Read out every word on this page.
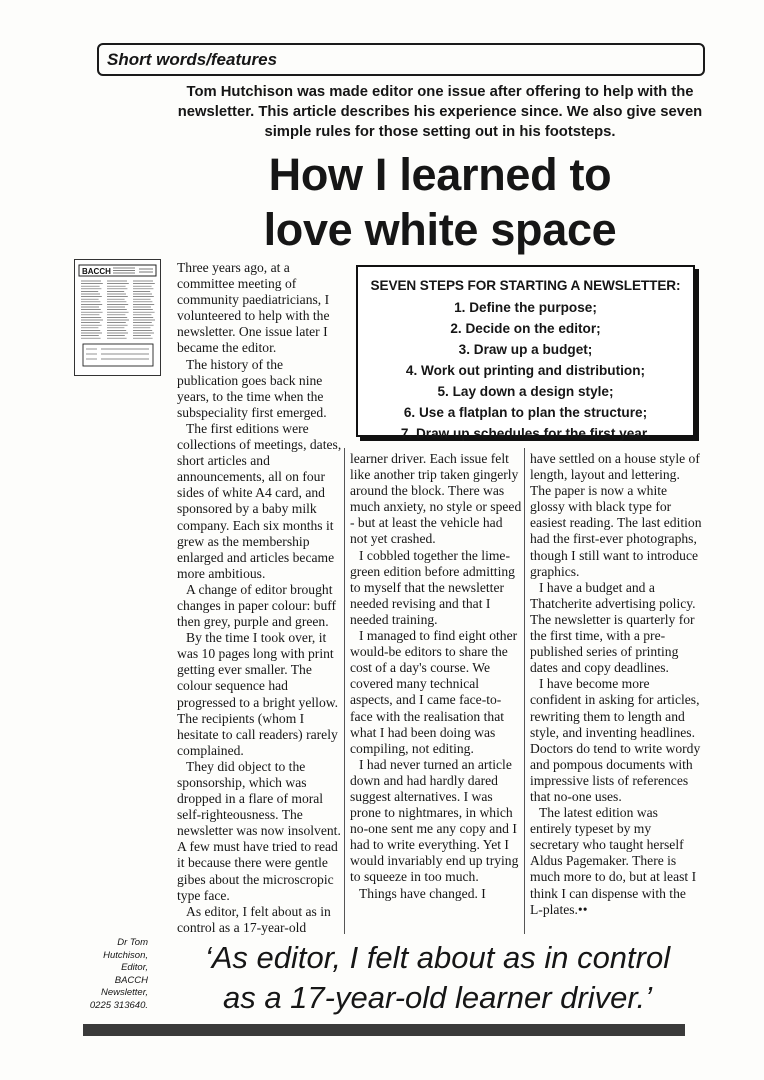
Short words/features
Tom Hutchison was made editor one issue after offering to help with the newsletter. This article describes his experience since. We also give seven simple rules for those setting out in his footsteps.
How I learned to
love white space
BACCH	Three years ago, at a committee meeting of community paediatricians, I volunteered to help with the newsletter. One issue later I became the editor.

The history of the publication goes back nine years, to the time when the subspeciality first emerged.

The first editions were collections of meetings, dates, short articles and announcements, all on four sides of white A4 card, and sponsored by a baby milk company. Each six months it grew as the membership enlarged and articles became more ambitious.

A change of editor brought changes in paper colour: buff then grey, purple and green.

By the time I took over, it was 10 pages long with print getting ever smaller. The colour sequence had progressed to a bright yellow. The recipients (whom I hesitate to call readers) rarely complained.

They did object to the sponsorship, which was dropped in a flare of moral self-righteousness. The newsletter was now insolvent. A few must have tried to read it because there were gentle gibes about the microscropic type face.

As editor, I felt about as in control as a 17-year-old

SEVEN STEPS FOR STARTING A NEWSLETTER:
1. Define the purpose;
2. Decide on the editor;
3. Draw up a budget;
4. Work out printing and distribution;
5. Lay down a design style;
6. Use a flatplan to plan the structure;
7. Draw up schedules for the first year.

learner driver. Each issue felt like another trip taken gingerly around the block. There was much anxiety, no style or speed - but at least the vehicle had not yet crashed.

I cobbled together the lime-green edition before admitting to myself that the newsletter needed revising and that I needed training.

I managed to find eight other would-be editors to share the cost of a day's course. We covered many technical aspects, and I came face-to-face with the realisation that what I had been doing was compiling, not editing.

I had never turned an article down and had hardly dared suggest alternatives. I was prone to nightmares, in which no-one sent me any copy and I had to write everything. Yet I would invariably end up trying to squeeze in too much.

Things have changed. I

have settled on a house style of length, layout and lettering. The paper is now a white glossy with black type for easiest reading. The last edition had the first-ever photographs, though I still want to introduce graphics.

I have a budget and a Thatcherite advertising policy. The newsletter is quarterly for the first time, with a pre-published series of printing dates and copy deadlines.

I have become more confident in asking for articles, rewriting them to length and style, and inventing headlines. Doctors do tend to write wordy and pompous documents with impressive lists of references that no-one uses.

The latest edition was entirely typeset by my secretary who taught herself Aldus Pagemaker. There is much more to do, but at least I think I can dispense with the L-plates.••

Dr Tom
Hutchison,
Editor,
BACCH
Newsletter,
0225 313640.
‘As editor, I felt about as in control
as a 17-year-old learner driver.’
